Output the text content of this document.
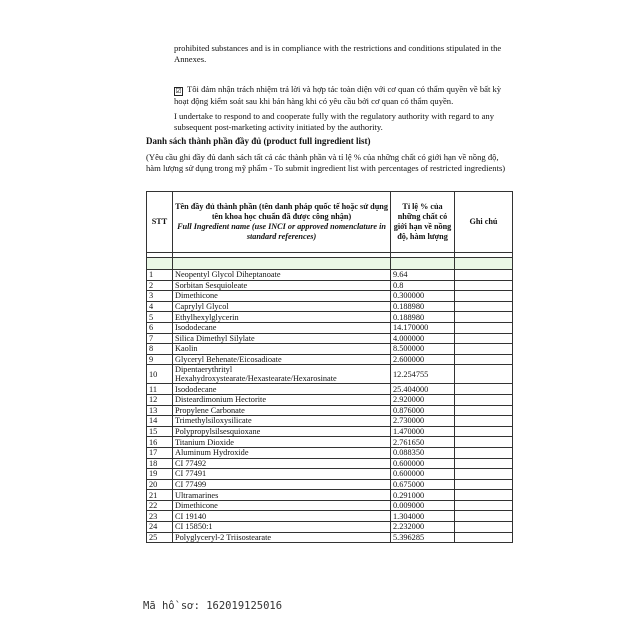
prohibited substances and is in compliance with the restrictions and conditions stipulated in the Annexes.
☑ Tôi đảm nhận trách nhiệm trả lời và hợp tác toàn diện với cơ quan có thẩm quyền về bất kỳ hoạt động kiểm soát sau khi bán hàng khi có yêu cầu bởi cơ quan có thẩm quyền.
I undertake to respond to and cooperate fully with the regulatory authority with regard to any subsequent post-marketing activity initiated by the authority.
Danh sách thành phần đầy đủ (product full ingredient list)
(Yêu cầu ghi đầy đủ danh sách tất cả các thành phần và tỉ lệ % của những chất có giới hạn về nồng độ, hàm lượng sử dụng trong mỹ phẩm - To submit ingredient list with percentages of restricted ingredients)
STT	Tên đầy đủ thành phần (tên danh pháp quốc tế hoặc sử dụng tên khoa học chuẩn đã được công nhận)
Full Ingredient name (use INCI or approved nomenclature in standard references)	Tỉ lệ % của những chất có giới hạn về nồng độ, hàm lượng	Ghi chú

1	Neopentyl Glycol Diheptanoate	9.64	
2	Sorbitan Sesquioleate	0.8	
3	Dimethicone	0.300000	
4	Caprylyl Glycol	0.188980	
5	Ethylhexylglycerin	0.188980	
6	Isododecane	14.170000	
7	Silica Dimethyl Silylate	4.000000	
8	Kaolin	8.500000	
9	Glyceryl Behenate/Eicosadioate	2.600000	
10	Dipentaerythrityl Hexahydroxystearate/Hexastearate/Hexarosinate	12.254755	
11	Isododecane	25.404000	
12	Disteardimonium Hectorite	2.920000	
13	Propylene Carbonate	0.876000	
14	Trimethylsiloxysilicate	2.730000	
15	Polypropylsilsesquioxane	1.470000	
16	Titanium Dioxide	2.761650	
17	Aluminum Hydroxide	0.088350	
18	CI 77492	0.600000	
19	CI 77491	0.600000	
20	CI 77499	0.675000	
21	Ultramarines	0.291000	
22	Dimethicone	0.009000	
23	CI 19140	1.304000	
24	CI 15850:1	2.232000	
25	Polyglyceryl-2 Triisostearate	5.396285	
Mã hồ sơ: 162019125016
